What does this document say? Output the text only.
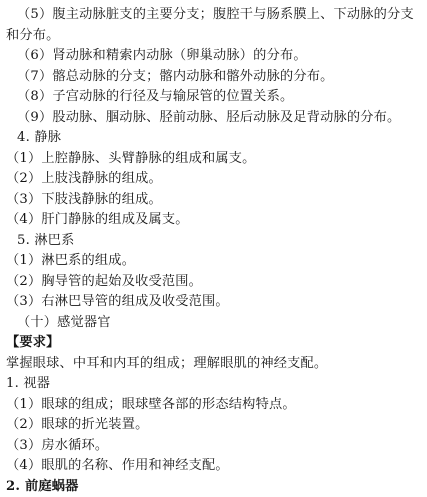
（5）腹主动脉脏支的主要分支；腹腔干与肠系膜上、下动脉的分支
和分布。
（6）肾动脉和精索内动脉（卵巢动脉）的分布。
（7）髂总动脉的分支；髂内动脉和髂外动脉的分布。
（8）子宫动脉的行径及与输尿管的位置关系。
（9）股动脉、腘动脉、胫前动脉、胫后动脉及足背动脉的分布。
4. 静脉
（1）上腔静脉、头臂静脉的组成和属支。
（2）上肢浅静脉的组成。
（3）下肢浅静脉的组成。
（4）肝门静脉的组成及属支。
5. 淋巴系
（1）淋巴系的组成。
（2）胸导管的起始及收受范围。
（3）右淋巴导管的组成及收受范围。
（十）感觉器官
【要求】
掌握眼球、中耳和内耳的组成；理解眼肌的神经支配。
1. 视器
（1）眼球的组成；眼球壁各部的形态结构特点。
（2）眼球的折光装置。
（3）房水循环。
（4）眼肌的名称、作用和神经支配。
2. 前庭蜗器
